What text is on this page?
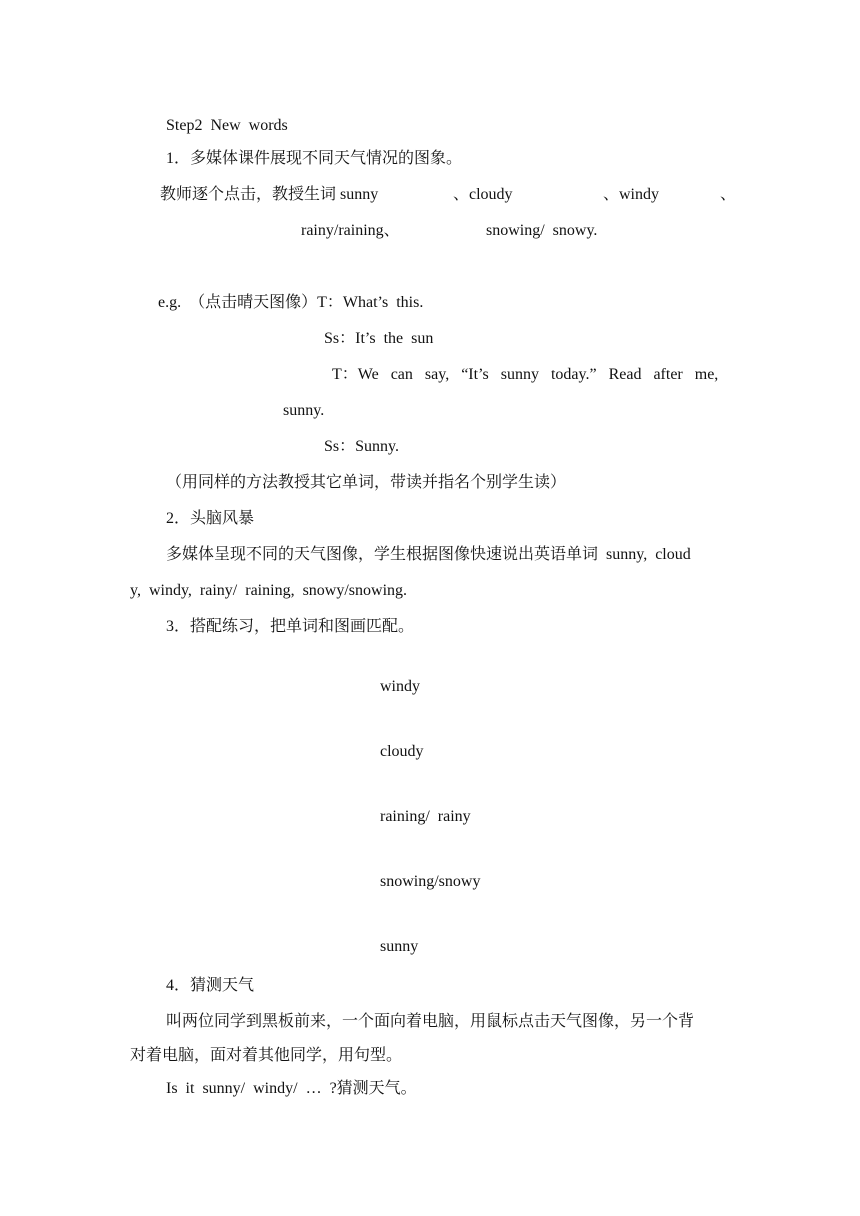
Step2 New words
1．多媒体课件展现不同天气情况的图象。
教师逐个点击，教授生词 sunny	、cloudy	、windy	、
rainy/raining、	snowing/ snowy.
e.g. （点击晴天图像）T：What’s this.
Ss：It’s the sun
T：We can say, “It’s sunny today.” Read after me,
sunny.
Ss：Sunny.
（用同样的方法教授其它单词，带读并指名个别学生读）
2．头脑风暴
多媒体呈现不同的天气图像，学生根据图像快速说出英语单词 sunny, cloud
y, windy, rainy/ raining, snowy/snowing.
3．搭配练习，把单词和图画匹配。
windy
cloudy
raining/ rainy
snowing/snowy
sunny
4．猜测天气
叫两位同学到黑板前来，一个面向着电脑，用鼠标点击天气图像，另一个背
对着电脑，面对着其他同学，用句型。
Is it sunny/ windy/ … ?猜测天气。
